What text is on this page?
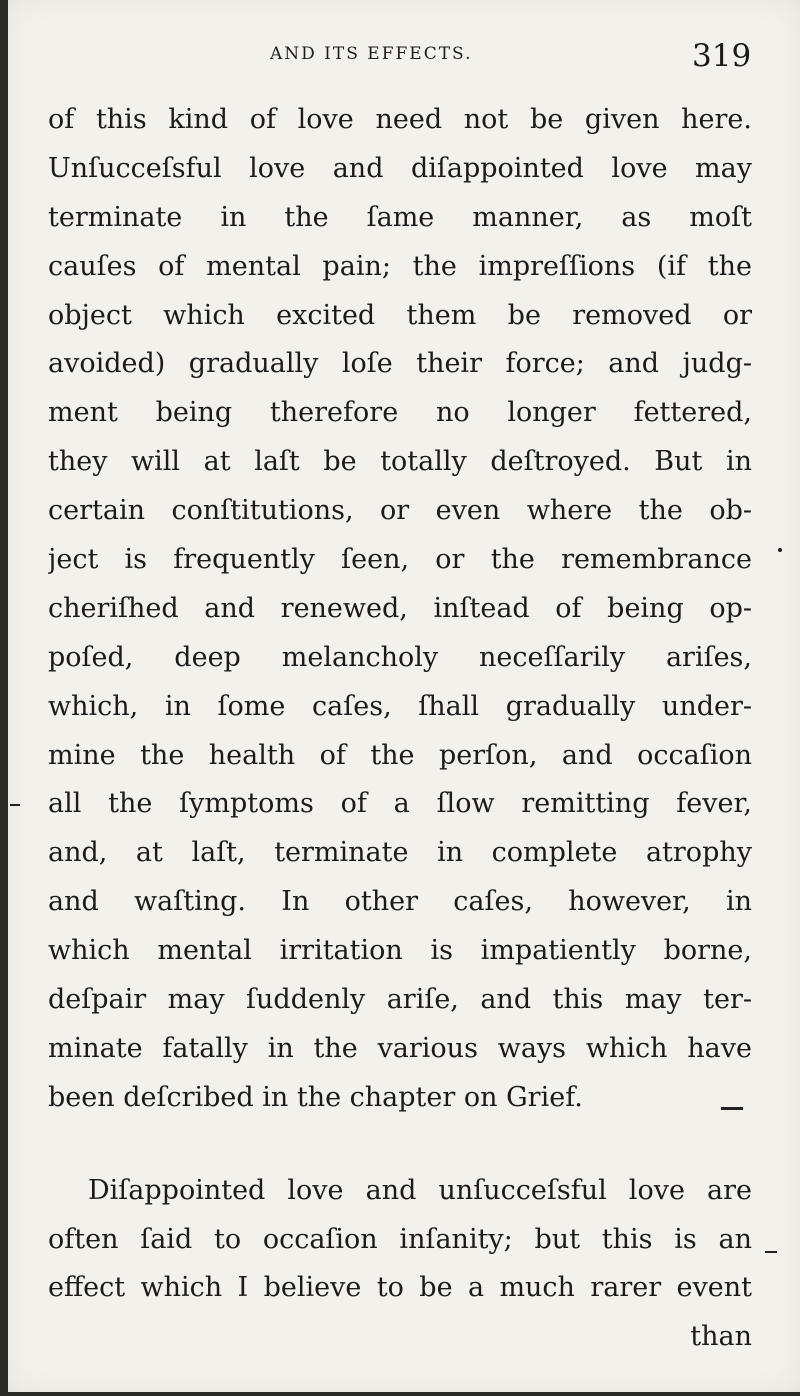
AND ITS EFFECTS.	319
of this kind of love need not be given here.
Unſucceſsful love and diſappointed love may
terminate in the ſame manner, as moſt
cauſes of mental pain; the impreſſions (if the
object which excited them be removed or
avoided) gradually loſe their force; and judg-
ment being therefore no longer fettered,
they will at laſt be totally deſtroyed. But in
certain conſtitutions, or even where the ob-
ject is frequently ſeen, or the remembrance
cheriſhed and renewed, inſtead of being op-
poſed, deep melancholy neceſſarily ariſes,
which, in ſome caſes, ſhall gradually under-
mine the health of the perſon, and occaſion
all the ſymptoms of a ſlow remitting fever,
and, at laſt, terminate in complete atrophy
and waſting. In other caſes, however, in
which mental irritation is impatiently borne,
deſpair may ſuddenly ariſe, and this may ter-
minate fatally in the various ways which have
been deſcribed in the chapter on Grief.
Diſappointed love and unſucceſsful love are
often ſaid to occaſion inſanity; but this is an
effect which I believe to be a much rarer event
than
